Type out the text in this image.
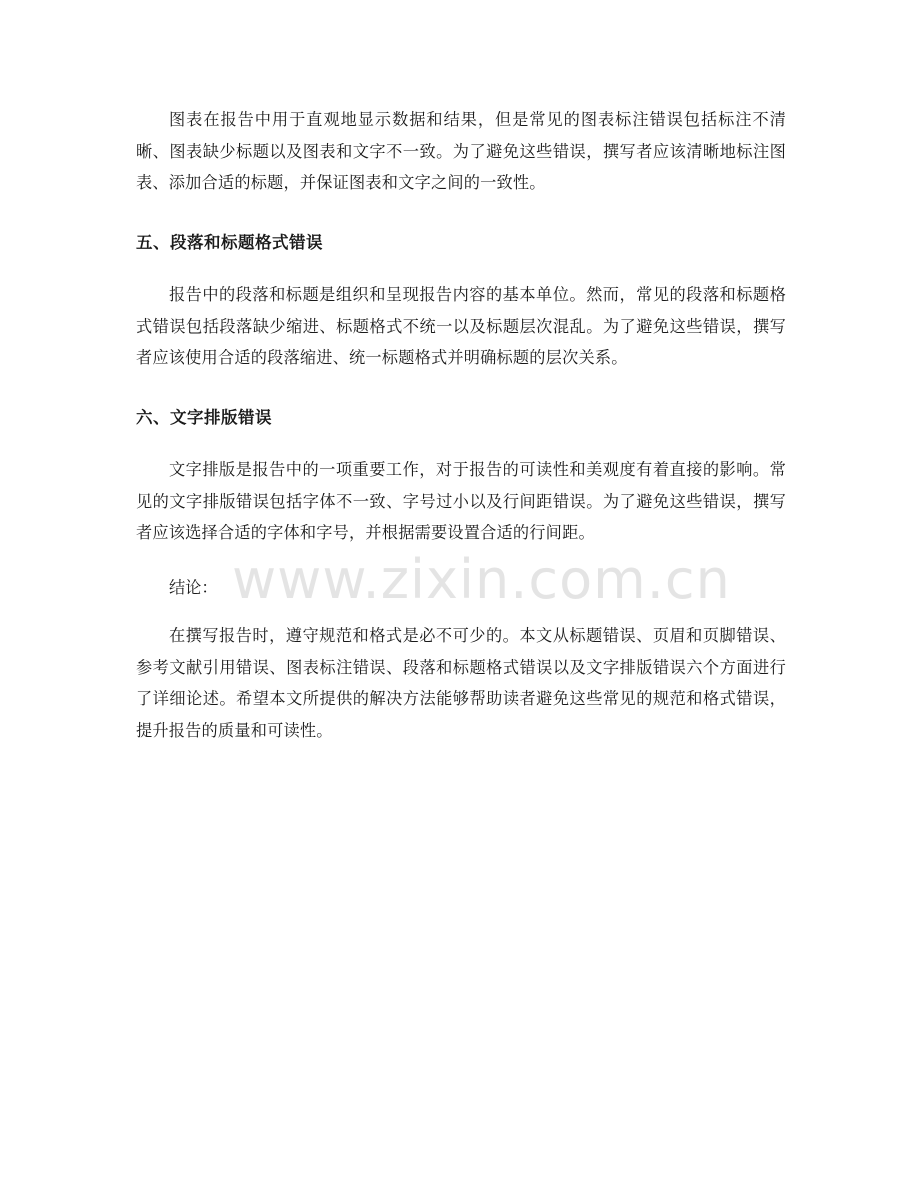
图表在报告中用于直观地显示数据和结果，但是常见的图表标注错误包括标注不清晰、图表缺少标题以及图表和文字不一致。为了避免这些错误，撰写者应该清晰地标注图表、添加合适的标题，并保证图表和文字之间的一致性。

五、段落和标题格式错误

报告中的段落和标题是组织和呈现报告内容的基本单位。然而，常见的段落和标题格式错误包括段落缺少缩进、标题格式不统一以及标题层次混乱。为了避免这些错误，撰写者应该使用合适的段落缩进、统一标题格式并明确标题的层次关系。

六、文字排版错误

文字排版是报告中的一项重要工作，对于报告的可读性和美观度有着直接的影响。常见的文字排版错误包括字体不一致、字号过小以及行间距错误。为了避免这些错误，撰写者应该选择合适的字体和字号，并根据需要设置合适的行间距。

结论：

在撰写报告时，遵守规范和格式是必不可少的。本文从标题错误、页眉和页脚错误、参考文献引用错误、图表标注错误、段落和标题格式错误以及文字排版错误六个方面进行了详细论述。希望本文所提供的解决方法能够帮助读者避免这些常见的规范和格式错误，提升报告的质量和可读性。

www.zixin.com.cn
